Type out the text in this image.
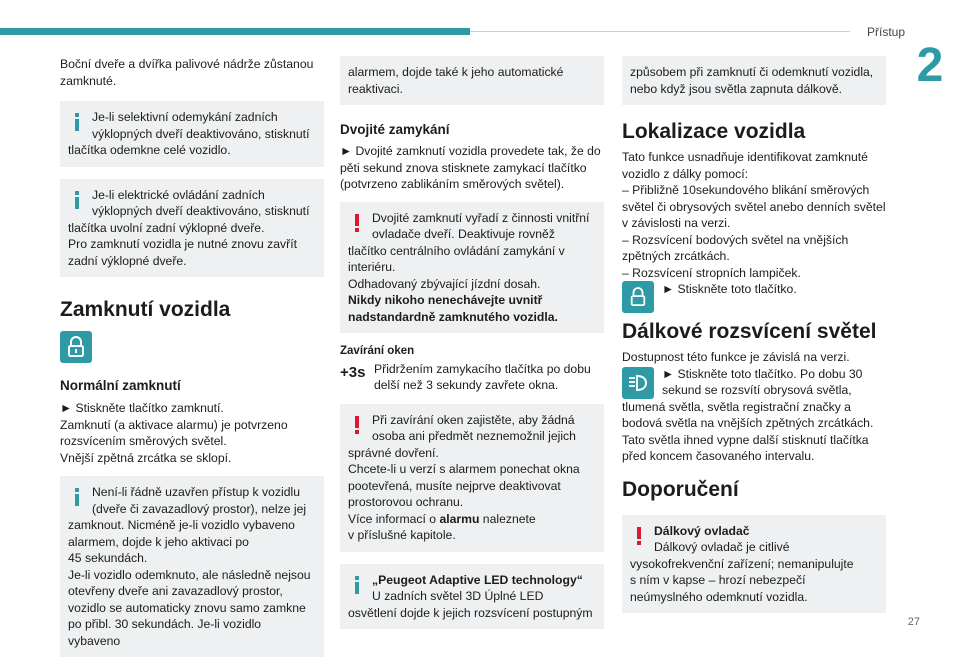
Přístup
2
27

Boční dveře a dvířka palivové nádrže zůstanou
zamknuté.

Je-li selektivní odemykání zadních
výklopných dveří deaktivováno, stisknutí
tlačítka odemkne celé vozidlo.
Je-li elektrické ovládání zadních
výklopných dveří deaktivováno, stisknutí
tlačítka uvolní zadní výklopné dveře.
Pro zamknutí vozidla je nutné znovu zavřít
zadní výklopné dveře.
Zamknutí vozidla
Normální zamknutí

► Stiskněte tlačítko zamknutí.
Zamknutí (a aktivace alarmu) je potvrzeno
rozsvícením směrových světel.
Vnější zpětná zrcátka se sklopí.

Není-li řádně uzavřen přístup k vozidlu
(dveře či zavazadlový prostor), nelze jej
zamknout. Nicméně je-li vozidlo vybaveno
alarmem, dojde k jeho aktivaci po
45 sekundách.
Je-li vozidlo odemknuto, ale následně nejsou
otevřeny dveře ani zavazadlový prostor,
vozidlo se automaticky znovu samo zamkne
po přibl. 30 sekundách. Je-li vozidlo vybaveno
alarmem, dojde také k jeho automatické
reaktivaci.
Dvojité zamykání

► Dvojité zamknutí vozidla provedete tak, že do
pěti sekund znova stisknete zamykací tlačítko
(potvrzeno zablikáním směrových světel).

Dvojité zamknutí vyřadí z činnosti vnitřní
ovladače dveří. Deaktivuje rovněž
tlačítko centrálního ovládání zamykání v
interiéru.
Odhadovaný zbývající jízdní dosah.
Nikdy nikoho nenechávejte uvnitř
nadstandardně zamknutého vozidla.
Zavírání oken
+3s Přidržením zamykacího tlačítka po dobu
delší než 3 sekundy zavřete okna.
Při zavírání oken zajistěte, aby žádná
osoba ani předmět neznemožnil jejich
správné dovření.
Chcete-li u verzí s alarmem ponechat okna
pootevřená, musíte nejprve deaktivovat
prostorovou ochranu.
Více informací o alarmu naleznete
v příslušné kapitole.
„Peugeot Adaptive LED technology“
U zadních světel 3D Úplné LED
osvětlení dojde k jejich rozsvícení postupným
způsobem při zamknutí či odemknutí vozidla,
nebo když jsou světla zapnuta dálkově.
Lokalizace vozidla

Tato funkce usnadňuje identifikovat zamknuté
vozidlo z dálky pomocí:
– Přibližně 10sekundového blikání směrových
světel či obrysových světel anebo denních světel
v závislosti na verzi.
– Rozsvícení bodových světel na vnějších
zpětných zrcátkách.
– Rozsvícení stropních lampiček.

► Stiskněte toto tlačítko.
Dálkové rozsvícení světel

Dostupnost této funkce je závislá na verzi.

► Stiskněte toto tlačítko. Po dobu 30
sekund se rozsvítí obrysová světla,

tlumená světla, světla registrační značky a
bodová světla na vnějších zpětných zrcátkách.
Tato světla ihned vypne další stisknutí tlačítka
před koncem časovaného intervalu.

Doporučení
Dálkový ovladač
Dálkový ovladač je citlivé
vysokofrekvenční zařízení; nemanipulujte
s ním v kapse – hrozí nebezpečí
neúmyslného odemknutí vozidla.
